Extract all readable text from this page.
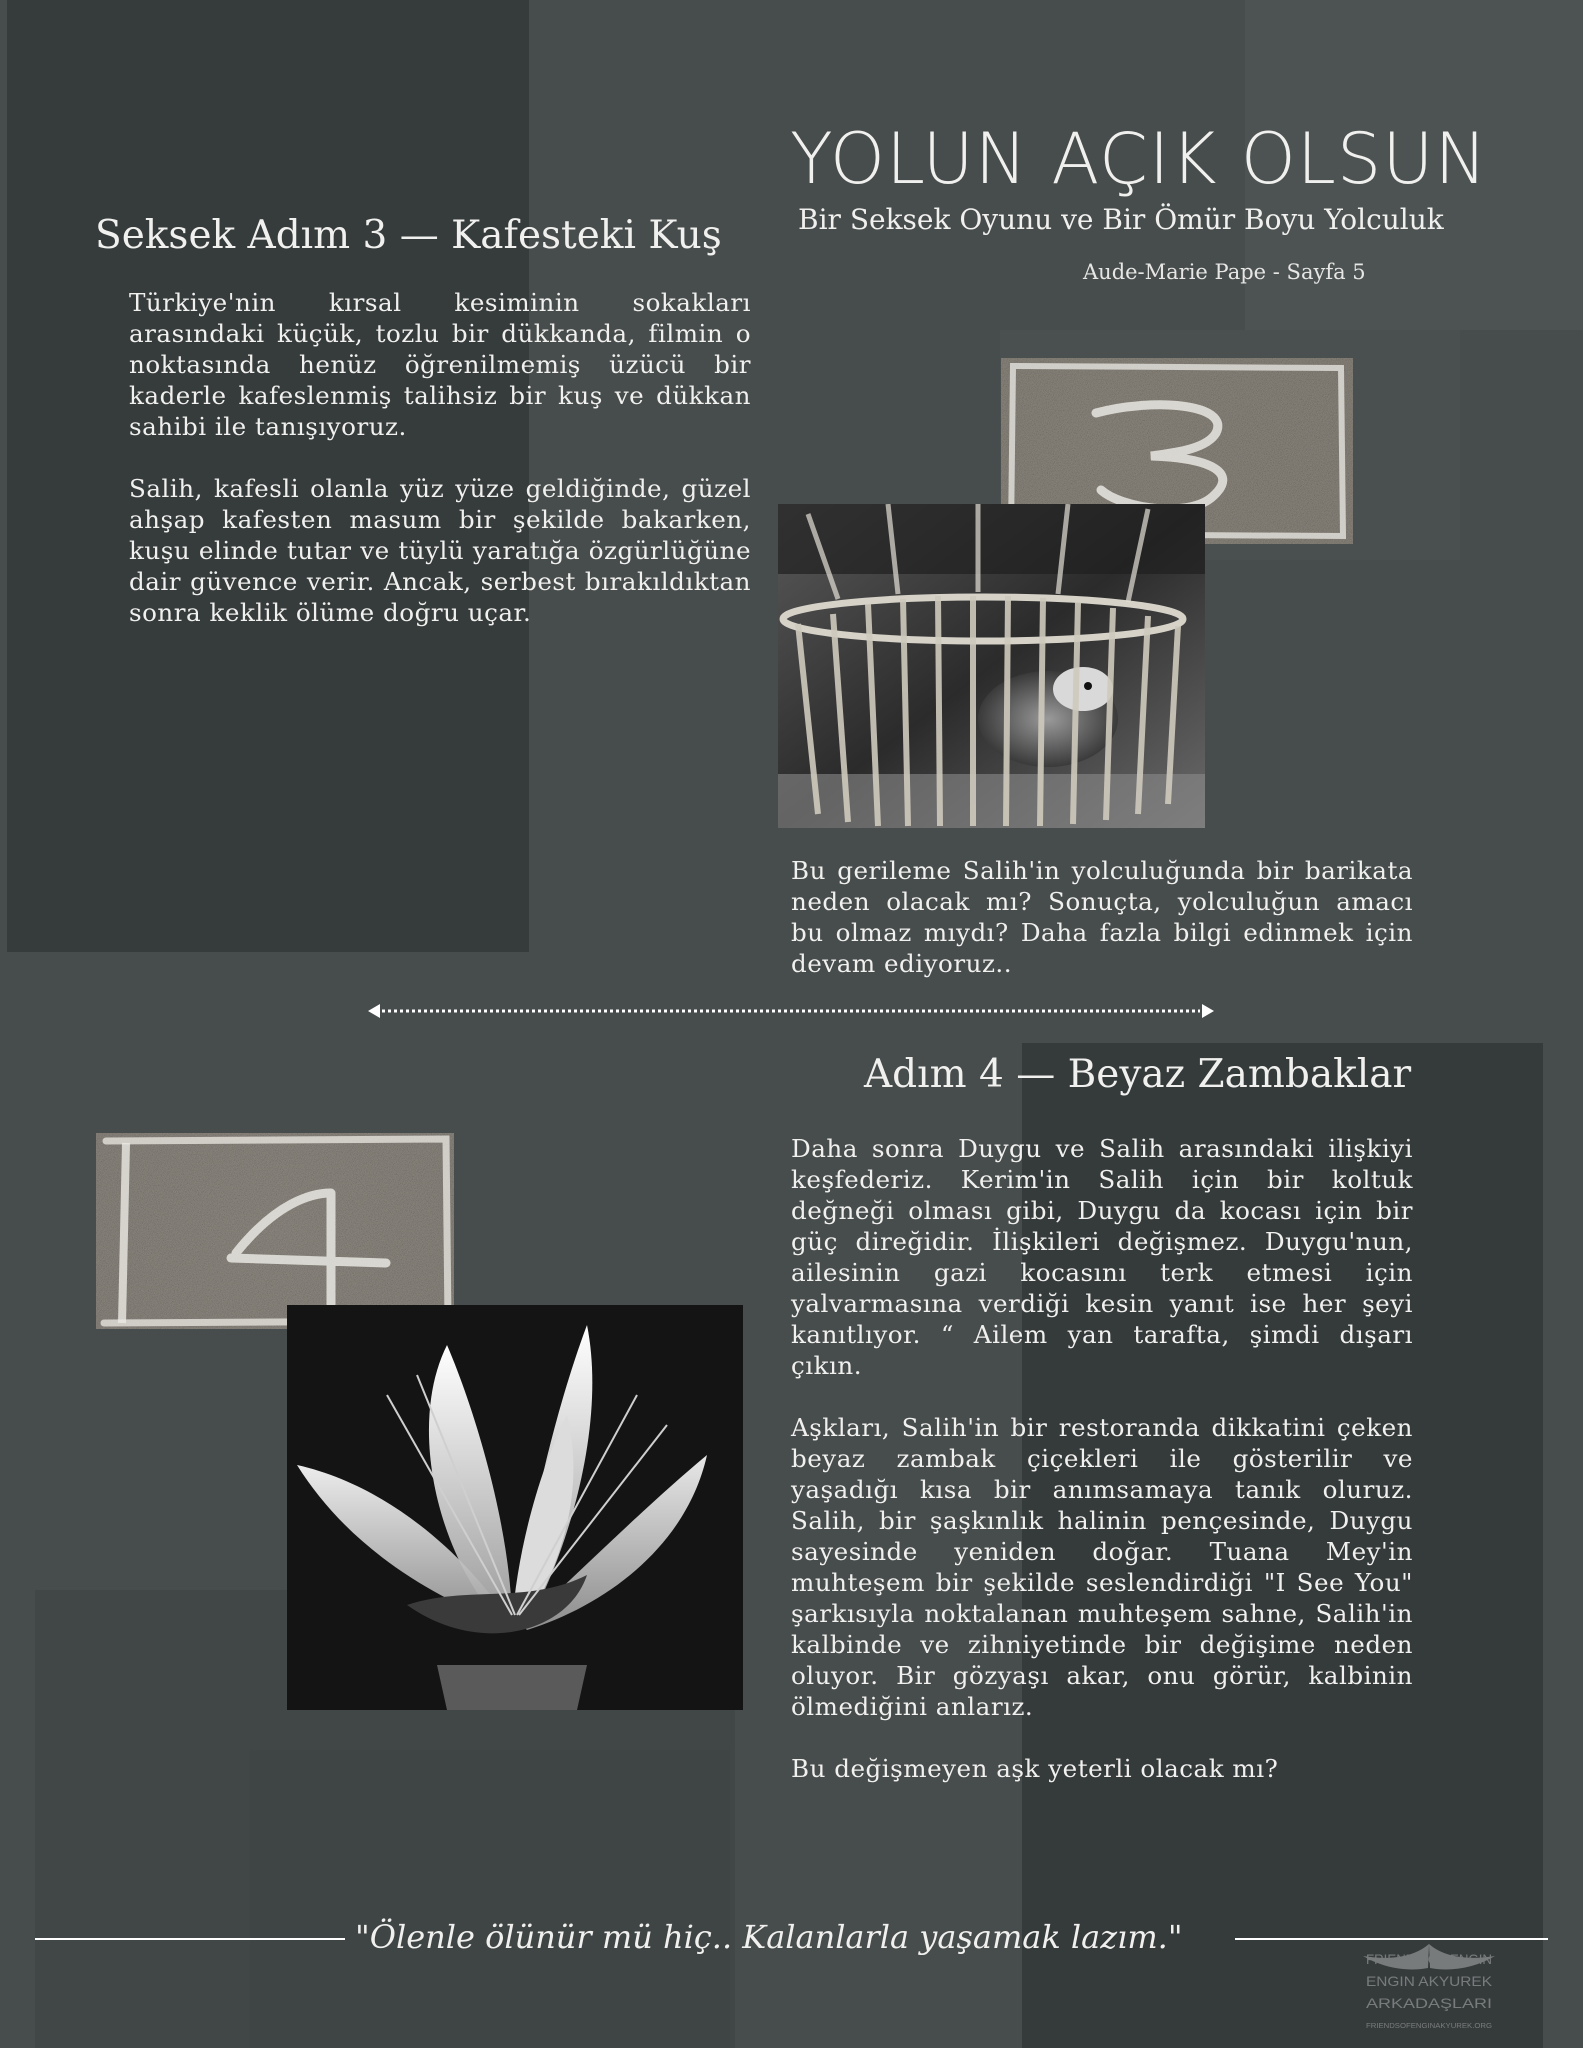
YOLUN AÇIK OLSUN
Bir Seksek Oyunu ve Bir Ömür Boyu Yolculuk
Aude-Marie Pape - Sayfa 5
Seksek Adım 3 — Kafesteki Kuş

Türkiye'nin kırsal kesiminin sokakları arasındaki küçük, tozlu bir dükkanda, filmin o noktasında henüz öğrenilmemiş üzücü bir kaderle kafeslenmiş talihsiz bir kuş ve dükkan sahibi ile tanışıyoruz.

Salih, kafesli olanla yüz yüze geldiğinde, güzel ahşap kafesten masum bir şekilde bakarken, kuşu elinde tutar ve tüylü yaratığa özgürlüğüne dair güvence verir. Ancak, serbest bırakıldıktan sonra keklik ölüme doğru uçar.

Bu gerileme Salih'in yolculuğunda bir barikata neden olacak mı? Sonuçta, yolculuğun amacı bu olmaz mıydı? Daha fazla bilgi edinmek için devam ediyoruz..

Adım 4 — Beyaz Zambaklar

Daha sonra Duygu ve Salih arasındaki ilişkiyi keşfederiz. Kerim'in Salih için bir koltuk değneği olması gibi, Duygu da kocası için bir güç direğidir. İlişkileri değişmez. Duygu'nun, ailesinin gazi kocasını terk etmesi için yalvarmasına verdiği kesin yanıt ise her şeyi kanıtlıyor. “ Ailem yan tarafta, şimdi dışarı çıkın.

Aşkları, Salih'in bir restoranda dikkatini çeken beyaz zambak çiçekleri ile gösterilir ve yaşadığı kısa bir anımsamaya tanık oluruz. Salih, bir şaşkınlık halinin pençesinde, Duygu sayesinde yeniden doğar. Tuana Mey'in muhteşem bir şekilde seslendirdiği "I See You" şarkısıyla noktalanan muhteşem sahne, Salih'in kalbinde ve zihniyetinde bir değişime neden oluyor. Bir gözyaşı akar, onu görür, kalbinin ölmediğini anlarız.

Bu değişmeyen aşk yeterli olacak mı?

"Ölenle ölünür mü hiç.. Kalanlarla yaşamak lazım."
FRIENDS OF ENGIN
ENGIN AKYUREK
ARKADAŞLARI
FRIENDSOFENGINAKYUREK.ORG
